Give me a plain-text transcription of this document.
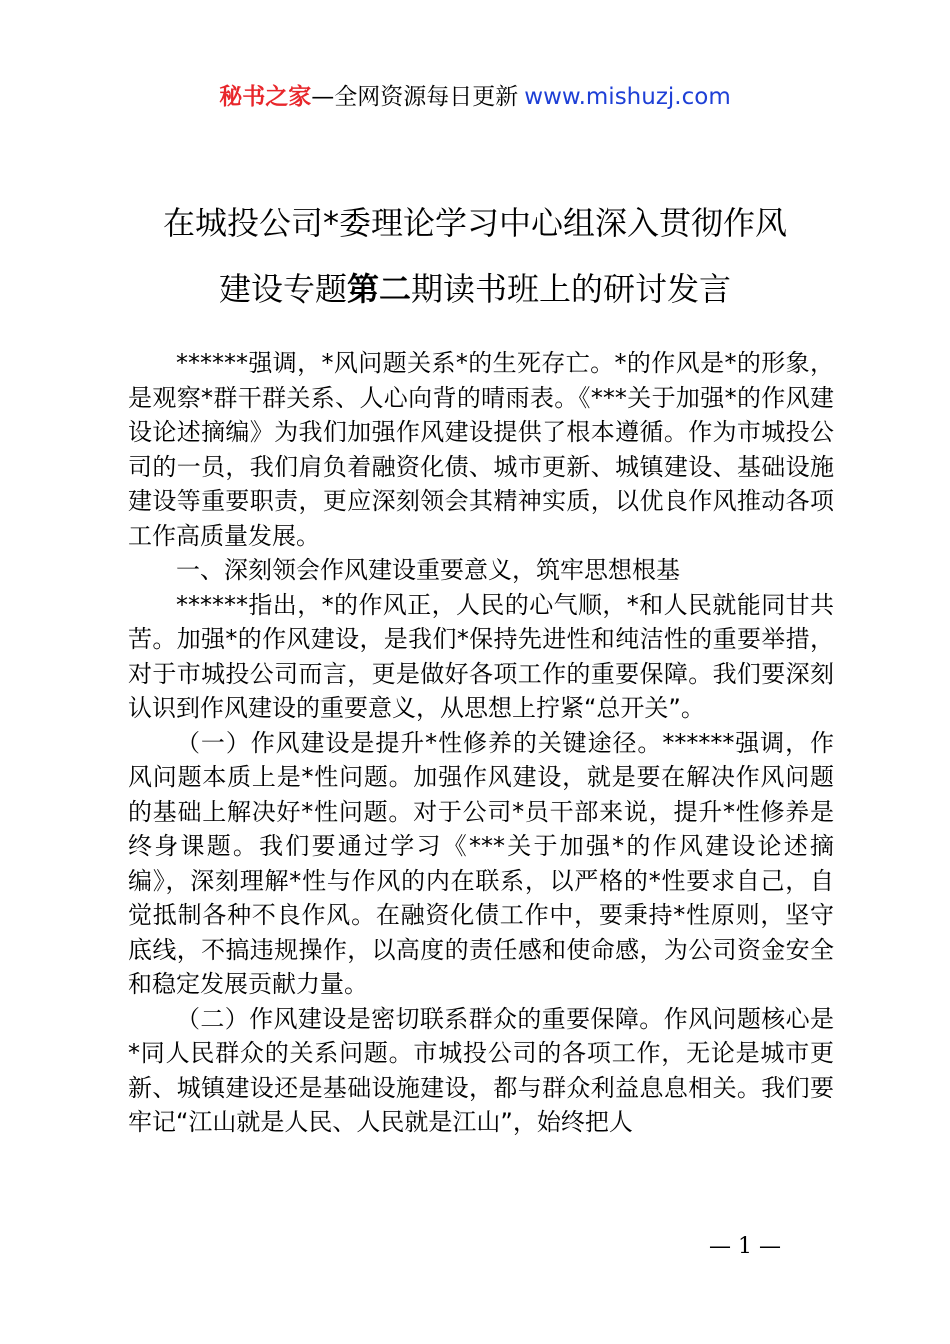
秘书之家—全网资源每日更新 www.mishuzj.com
在城投公司*委理论学习中心组深入贯彻作风
建设专题第二期读书班上的研讨发言

******强调，*风问题关系*的生死存亡。*的作风是*的形象，是观察*群干群关系、人心向背的晴雨表。《***关于加强*的作风建设论述摘编》为我们加强作风建设提供了根本遵循。作为市城投公司的一员，我们肩负着融资化债、城市更新、城镇建设、基础设施建设等重要职责，更应深刻领会其精神实质，以优良作风推动各项工作高质量发展。

一、深刻领会作风建设重要意义，筑牢思想根基

******指出，*的作风正，人民的心气顺，*和人民就能同甘共苦。加强*的作风建设，是我们*保持先进性和纯洁性的重要举措，对于市城投公司而言，更是做好各项工作的重要保障。我们要深刻认识到作风建设的重要意义，从思想上拧紧“总开关”。

（一）作风建设是提升*性修养的关键途径。******强调，作风问题本质上是*性问题。加强作风建设，就是要在解决作风问题的基础上解决好*性问题。对于公司*员干部来说，提升*性修养是终身课题。我们要通过学习《***关于加强*的作风建设论述摘编》，深刻理解*性与作风的内在联系，以严格的*性要求自己，自觉抵制各种不良作风。在融资化债工作中，要秉持*性原则，坚守底线，不搞违规操作，以高度的责任感和使命感，为公司资金安全和稳定发展贡献力量。

（二）作风建设是密切联系群众的重要保障。作风问题核心是*同人民群众的关系问题。市城投公司的各项工作，无论是城市更新、城镇建设还是基础设施建设，都与群众利益息息相关。我们要牢记“江山就是人民、人民就是江山”，始终把人

— 1 —
